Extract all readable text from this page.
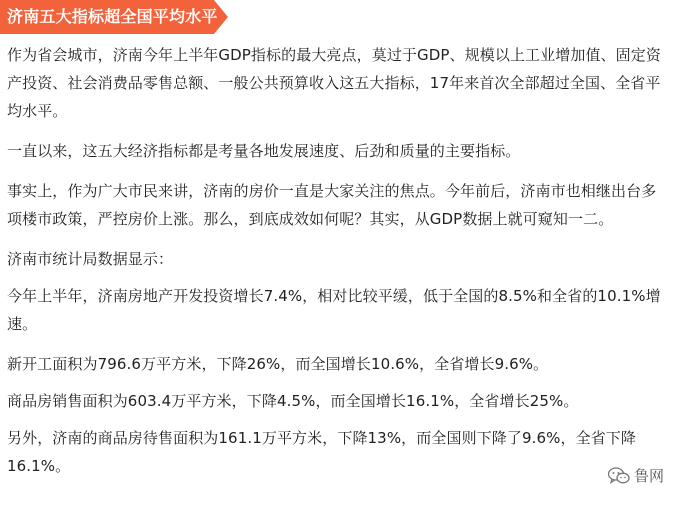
济南五大指标超全国平均水平

作为省会城市，济南今年上半年GDP指标的最大亮点，莫过于GDP、规模以上工业增加值、固定资产投资、社会消费品零售总额、一般公共预算收入这五大指标，17年来首次全部超过全国、全省平均水平。

一直以来，这五大经济指标都是考量各地发展速度、后劲和质量的主要指标。

事实上，作为广大市民来讲，济南的房价一直是大家关注的焦点。今年前后，济南市也相继出台多项楼市政策，严控房价上涨。那么，到底成效如何呢？其实，从GDP数据上就可窥知一二。

济南市统计局数据显示：

今年上半年，济南房地产开发投资增长7.4%，相对比较平缓，低于全国的8.5%和全省的10.1%增速。

新开工面积为796.6万平方米，下降26%，而全国增长10.6%，全省增长9.6%。

商品房销售面积为603.4万平方米，下降4.5%，而全国增长16.1%，全省增长25%。

另外，济南的商品房待售面积为161.1万平方米，下降13%，而全国则下降了9.6%，全省下降16.1%。

鲁网
